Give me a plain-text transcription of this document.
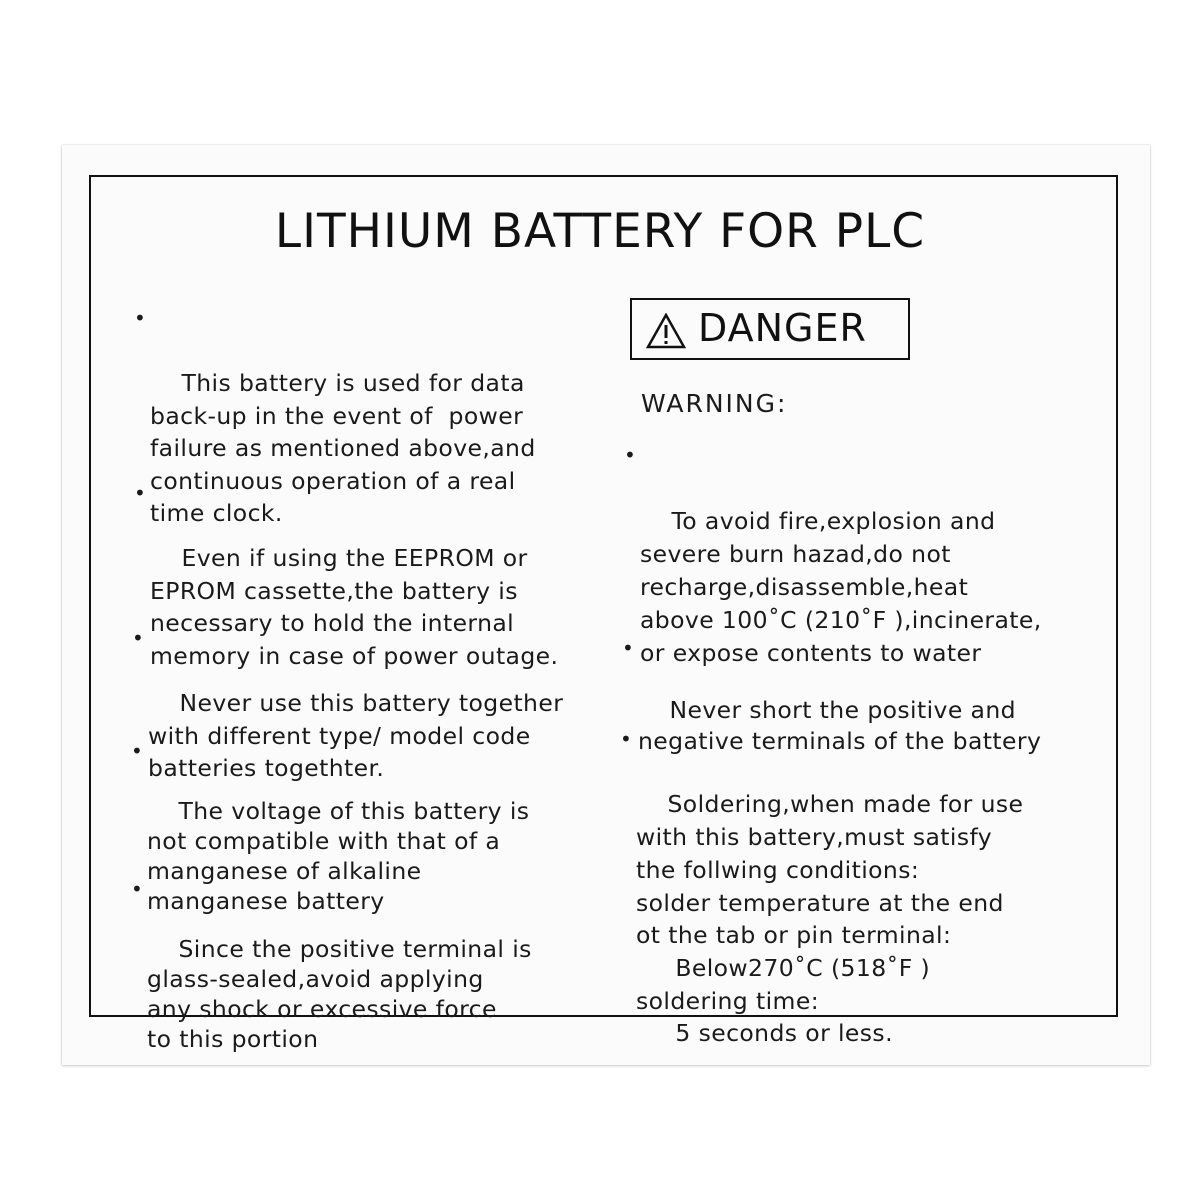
LITHIUM BATTERY FOR PLC

•

This battery is used for data
back-up in the event of  power
failure as mentioned above,and
continuous operation of a real
time clock.

•

Even if using the EEPROM or
EPROM cassette,the battery is
necessary to hold the internal
memory in case of power outage.

•

Never use this battery together
with different type/ model code
batteries togethter.

•

The voltage of this battery is
not compatible with that of a
manganese of alkaline
manganese battery

•

Since the positive terminal is
glass-sealed,avoid applying
any shock or excessive force
to this portion

DANGER
WARNING:

•

To avoid fire,explosion and
severe burn hazad,do not
recharge,disassemble,heat
above 100˚C (210˚F ),incinerate,
or expose contents to water

•

Never short the positive and
negative terminals of the battery

•

Soldering,when made for use
with this battery,must satisfy
the follwing conditions:
solder temperature at the end
ot the tab or pin terminal:
Below270˚C (518˚F )
soldering time:
5 seconds or less.
